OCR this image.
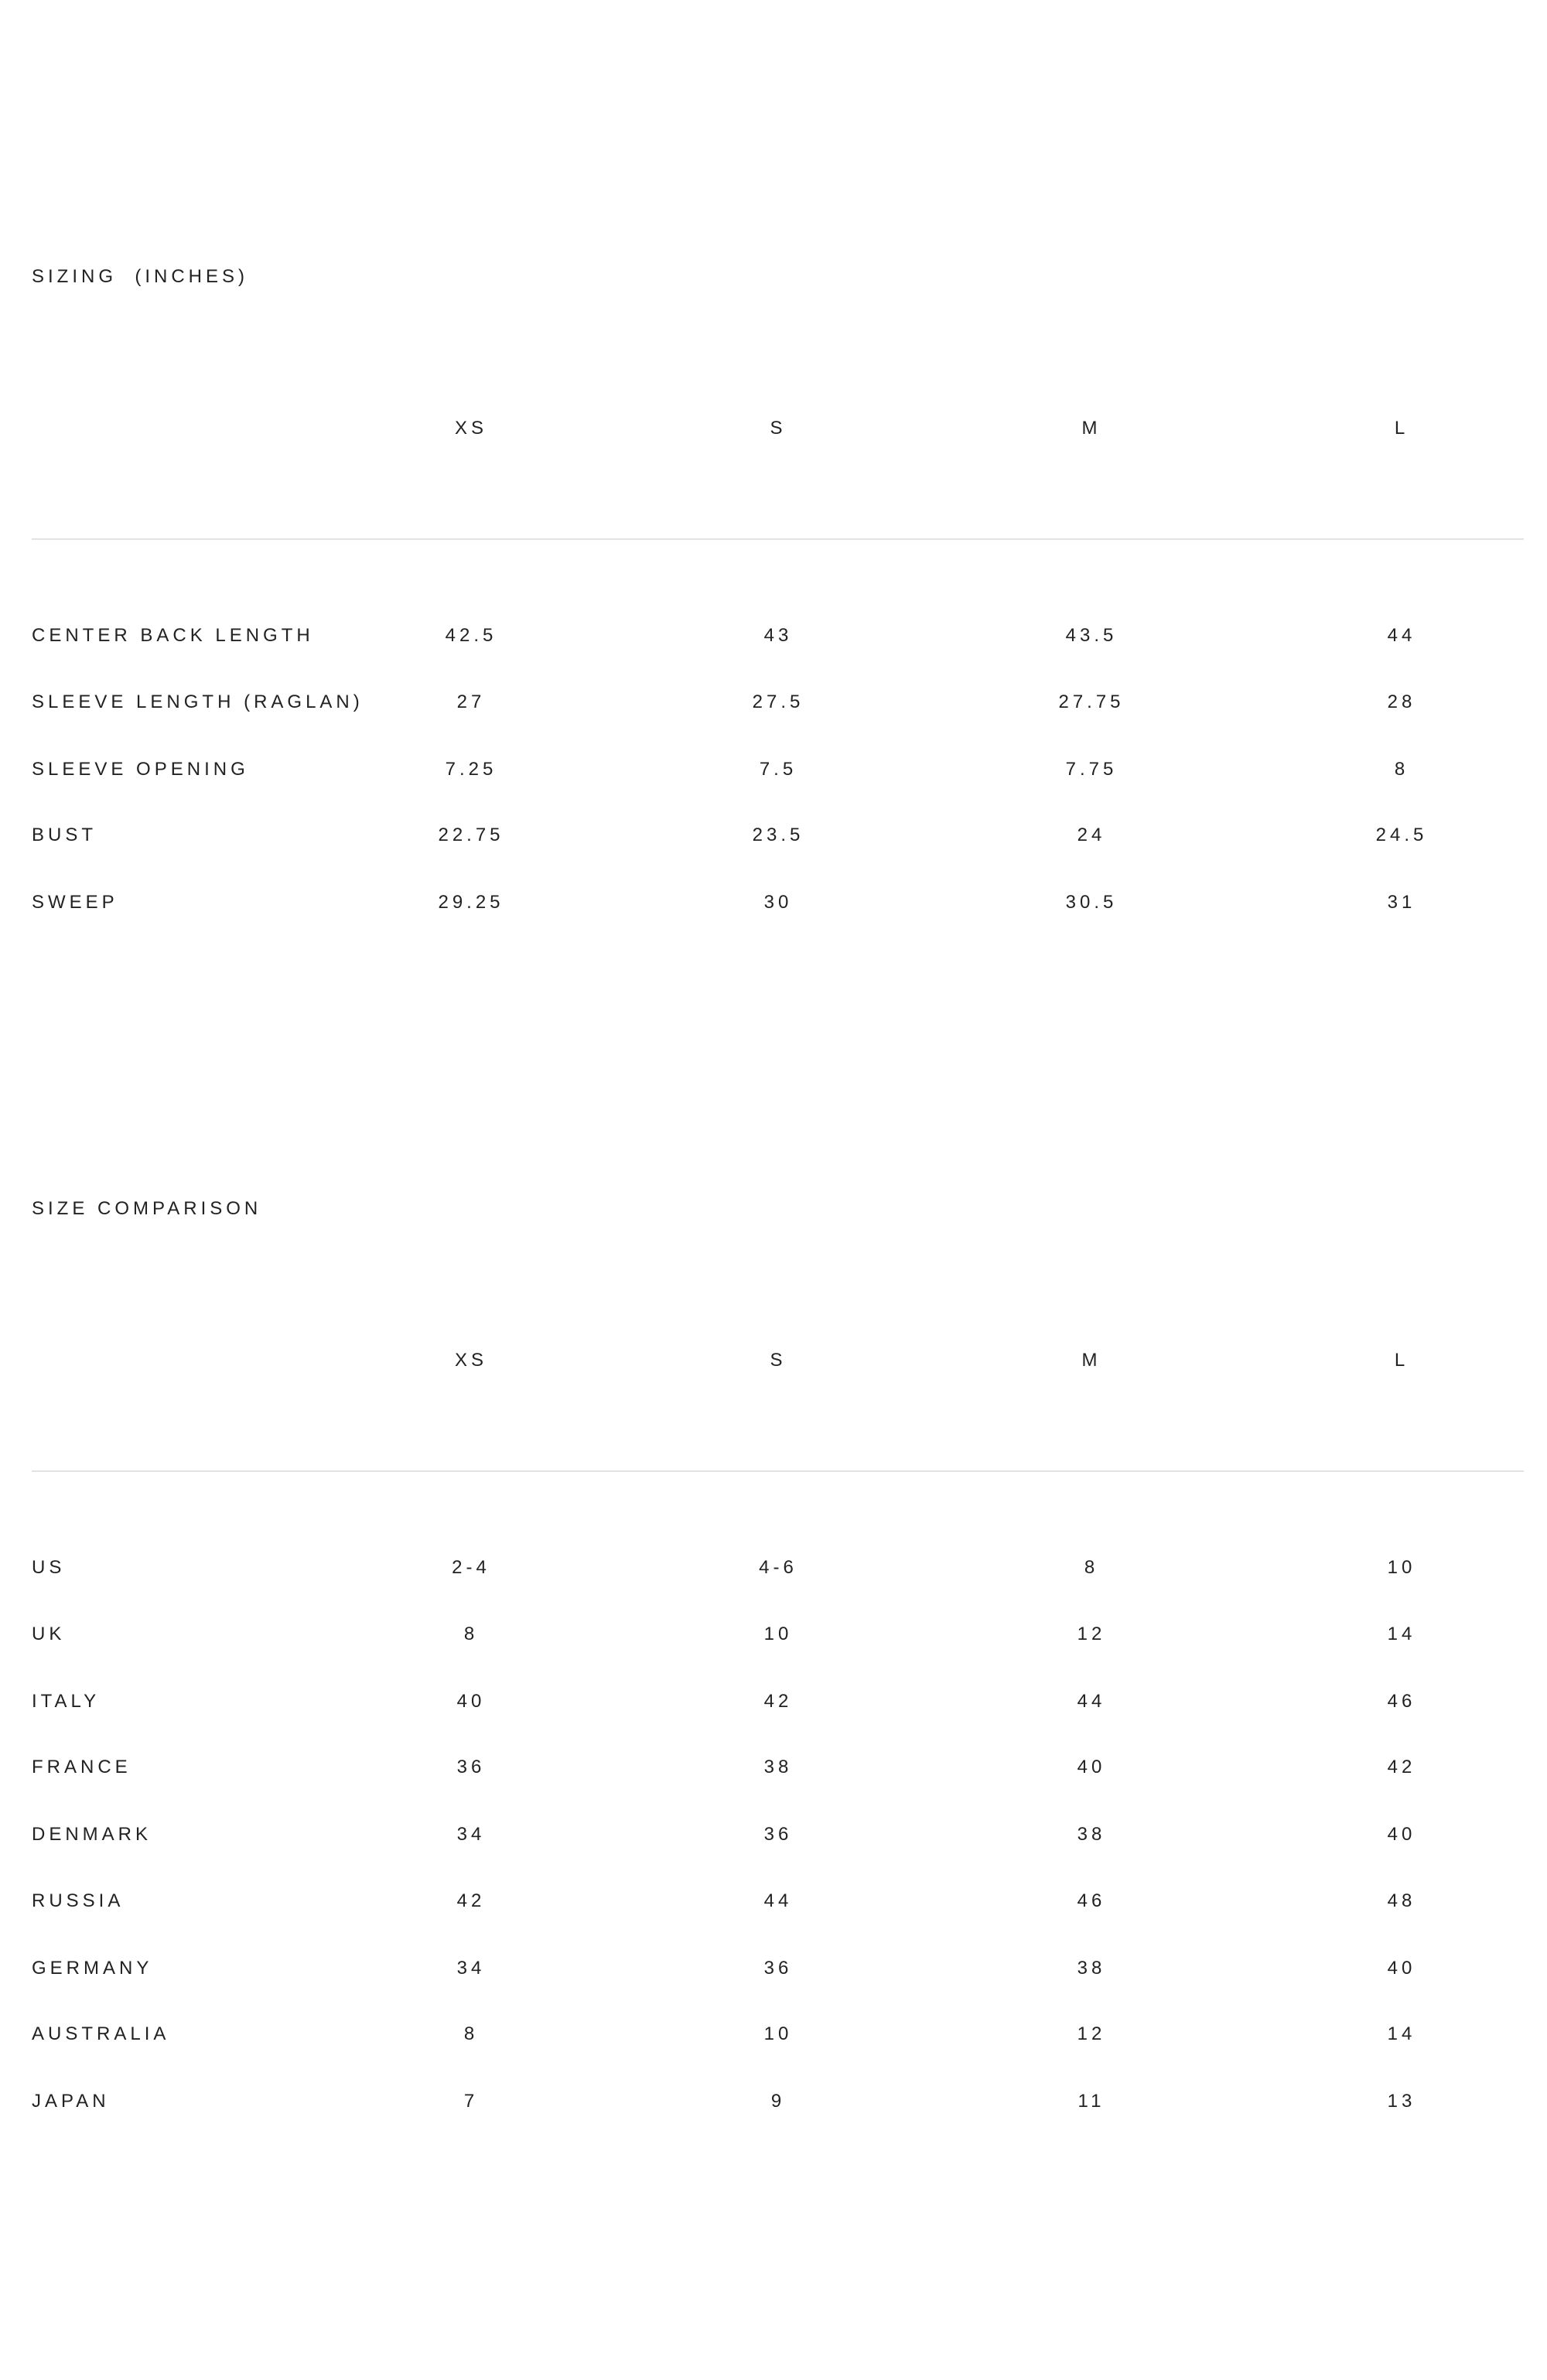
SIZING  (INCHES)
XS	S	M	L
CENTER BACK LENGTH	42.5	43	43.5	44
SLEEVE LENGTH (RAGLAN)	27	27.5	27.75	28
SLEEVE OPENING	7.25	7.5	7.75	8
BUST	22.75	23.5	24	24.5
SWEEP	29.25	30	30.5	31
SIZE COMPARISON
XS	S	M	L
US	2-4	4-6	8	10
UK	8	10	12	14
ITALY	40	42	44	46
FRANCE	36	38	40	42
DENMARK	34	36	38	40
RUSSIA	42	44	46	48
GERMANY	34	36	38	40
AUSTRALIA	8	10	12	14
JAPAN	7	9	11	13
